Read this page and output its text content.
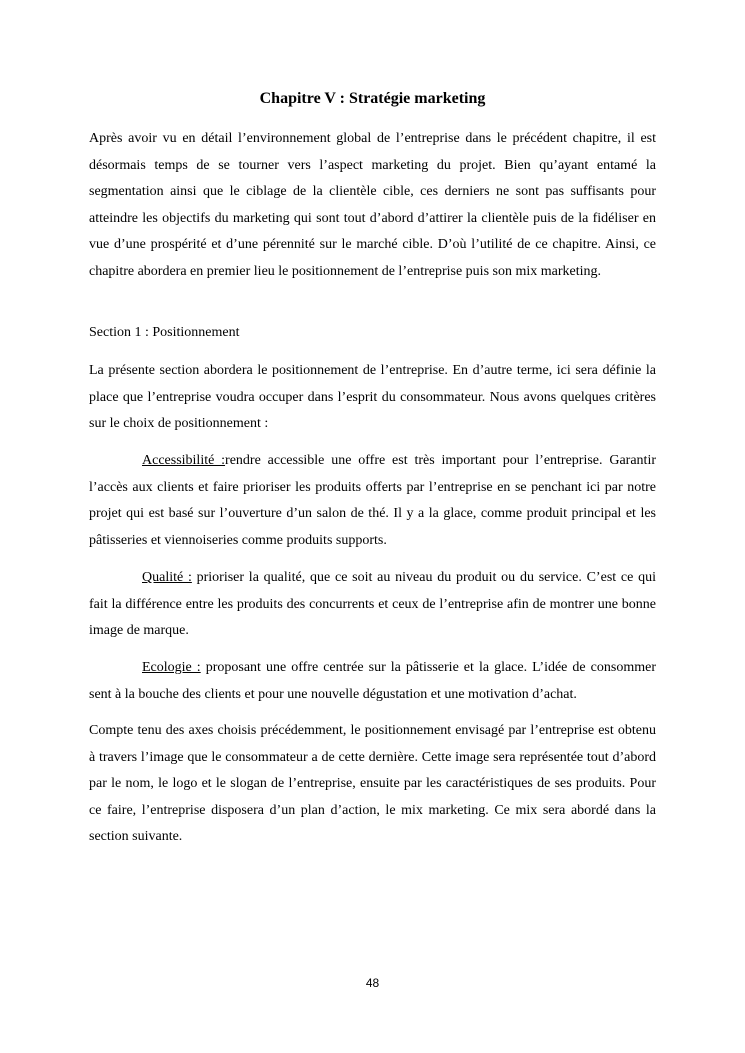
Chapitre V : Stratégie marketing

Après avoir vu en détail l’environnement global de l’entreprise dans le précédent chapitre, il est désormais temps de se tourner vers l’aspect marketing du projet. Bien qu’ayant entamé la segmentation ainsi que le ciblage de la clientèle cible, ces derniers ne sont pas suffisants pour atteindre les objectifs du marketing qui sont tout d’abord d’attirer la clientèle puis de la fidéliser en vue d’une prospérité et d’une pérennité sur le marché cible. D’où l’utilité de ce chapitre. Ainsi, ce chapitre abordera en premier lieu le positionnement de l’entreprise puis son mix marketing.

Section 1 : Positionnement

La présente section abordera le positionnement de l’entreprise. En d’autre terme, ici sera définie la place que l’entreprise voudra occuper dans l’esprit du consommateur. Nous avons quelques critères sur le choix de positionnement :

Accessibilité :rendre accessible une offre est très important pour l’entreprise. Garantir l’accès aux clients et faire prioriser les produits offerts par l’entreprise en se penchant ici par notre projet qui est basé sur l’ouverture d’un salon de thé. Il y a la glace, comme produit principal et les pâtisseries et viennoiseries comme produits supports.

Qualité : prioriser la qualité, que ce soit au niveau du produit ou du service. C’est ce qui fait la différence entre les produits des concurrents et ceux de l’entreprise afin de montrer une bonne image de marque.

Ecologie : proposant une offre centrée sur la pâtisserie et la glace. L’idée de consommer sent à la bouche des clients et pour une nouvelle dégustation et une motivation d’achat.

Compte tenu des axes choisis précédemment, le positionnement envisagé par l’entreprise est obtenu à travers l’image que le consommateur a de cette dernière. Cette image sera représentée tout d’abord par le nom, le logo et le slogan de l’entreprise, ensuite par les caractéristiques de ses produits. Pour ce faire, l’entreprise disposera d’un plan d’action, le mix marketing. Ce mix sera abordé dans la section suivante.

48
